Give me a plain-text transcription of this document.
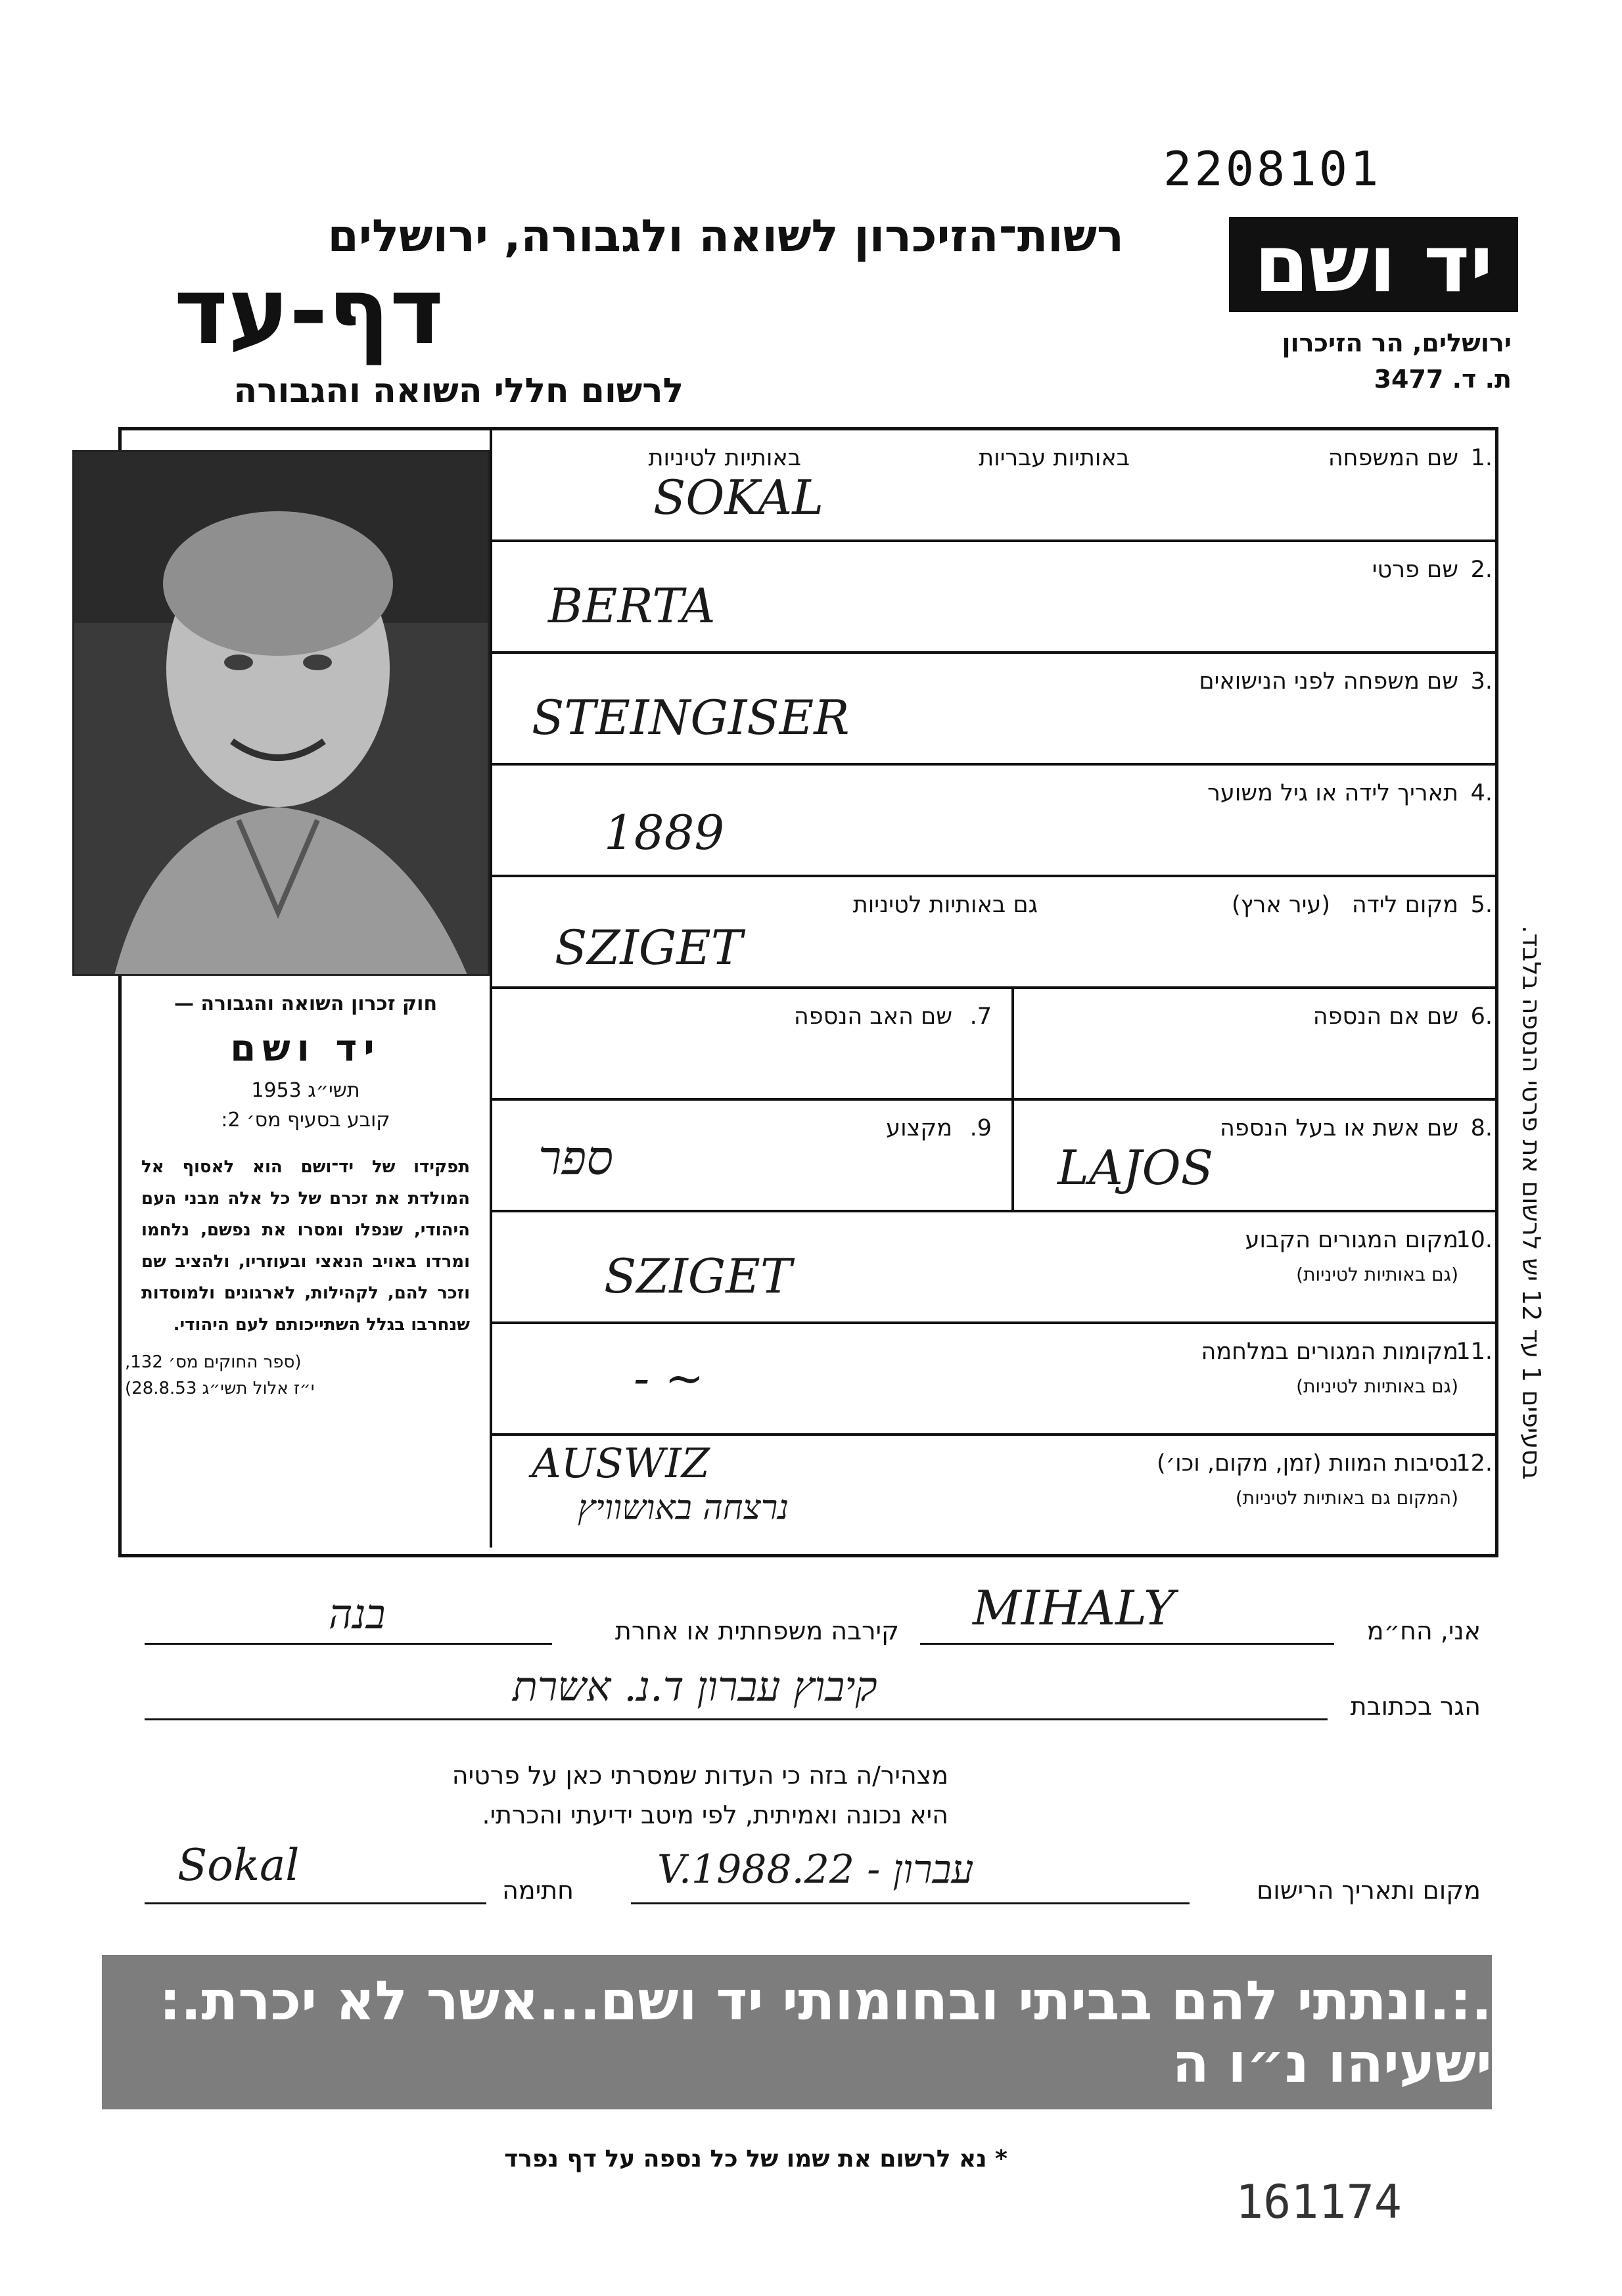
2208101
יד ושם
ירושלים, הר הזיכרון
ת. ד. 3477
רשות־הזיכרון לשואה ולגבורה, ירושלים
דף-עד
לרשום חללי השואה והגבורה
1.
שם המשפחה
באותיות עבריות
באותיות לטיניות
SOKAL
2.
שם פרטי
BERTA
3.
שם משפחה לפני הנישואים
STEINGISER
4.
תאריך לידה או גיל משוער
1889
5.
מקום לידה
(עיר ארץ)
גם באותיות לטיניות
SZIGET
6.
שם אם הנספה
7.
שם האב הנספה
8.
שם אשת או בעל הנספה
LAJOS
9.
מקצוע
ספר
10.
מקום המגורים הקבוע
(גם באותיות לטיניות)
SZIGET
11.
מקומות המגורים במלחמה
(גם באותיות לטיניות)
- ~
12.
נסיבות המוות (זמן, מקום, וכו׳)
(המקום גם באותיות לטיניות)
AUSWIZ
נרצחה באושוויץ
חוק זכרון השואה והגבורה —
יד ושם
תשי״ג 1953
קובע בסעיף מס׳ 2:
תפקידו של יד־ושם הוא לאסוף אל המולדת את זכרם של כל אלה מבני העם היהודי, שנפלו ומסרו את נפשם, נלחמו ומרדו באויב הנאצי ובעוזריו, ולהציב שם וזכר להם, לקהילות, לארגונים ולמוסדות שנחרבו בגלל השתייכותם לעם היהודי.
(ספר החוקים מס׳ 132,
י״ז אלול תשי״ג 28.8.53)
אני, הח״מ
MIHALY
קירבה משפחתית או אחרת
בנה
הגר בכתובת
קיבוץ עברון ד.נ. אשרת
מצהיר/ה בזה כי העדות שמסרתי כאן על פרטיה
היא נכונה ואמיתית, לפי מיטב ידיעתי והכרתי.
מקום ותאריך הרישום
עברון - 22.V.1988
חתימה
Sokal
.:.ונתתי להם בביתי ובחומותי יד ושם...אשר לא יכרת.: ישעיהו נ״ו ה
* נא לרשום את שמו של כל נספה על דף נפרד
161174
בסעיפים 1 עד 12 יש לרשום את פרטי הנספה בלבד.
